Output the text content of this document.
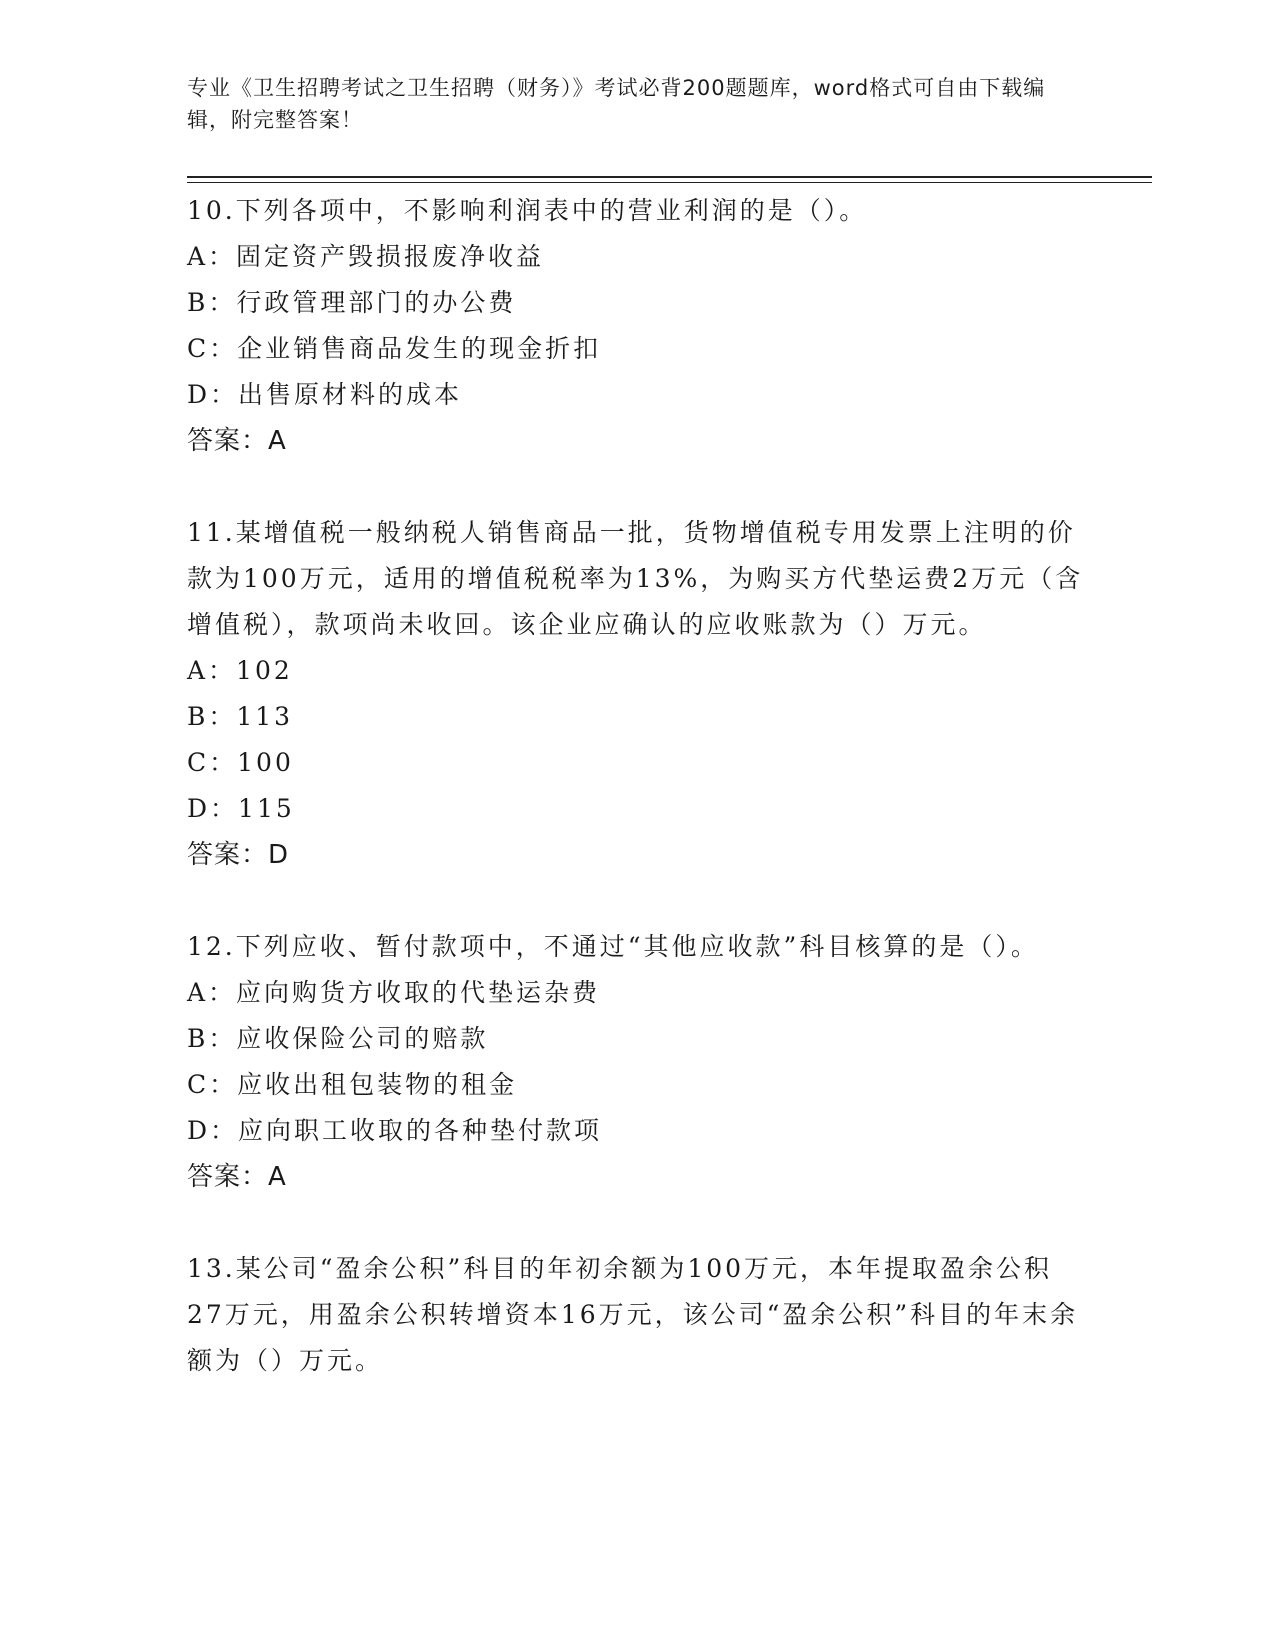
专业《卫生招聘考试之卫生招聘（财务）》考试必背200题题库，word格式可自由下载编辑，附完整答案！
10.下列各项中，不影响利润表中的营业利润的是（）。
A：固定资产毁损报废净收益
B：行政管理部门的办公费
C：企业销售商品发生的现金折扣
D：出售原材料的成本
答案：A
11.某增值税一般纳税人销售商品一批，货物增值税专用发票上注明的价款为100万元，适用的增值税税率为13%，为购买方代垫运费2万元（含增值税），款项尚未收回。该企业应确认的应收账款为（）万元。
A：102
B：113
C：100
D：115
答案：D
12.下列应收、暂付款项中，不通过“其他应收款”科目核算的是（）。
A：应向购货方收取的代垫运杂费
B：应收保险公司的赔款
C：应收出租包装物的租金
D：应向职工收取的各种垫付款项
答案：A
13.某公司“盈余公积”科目的年初余额为100万元，本年提取盈余公积27万元，用盈余公积转增资本16万元，该公司“盈余公积”科目的年末余额为（）万元。
